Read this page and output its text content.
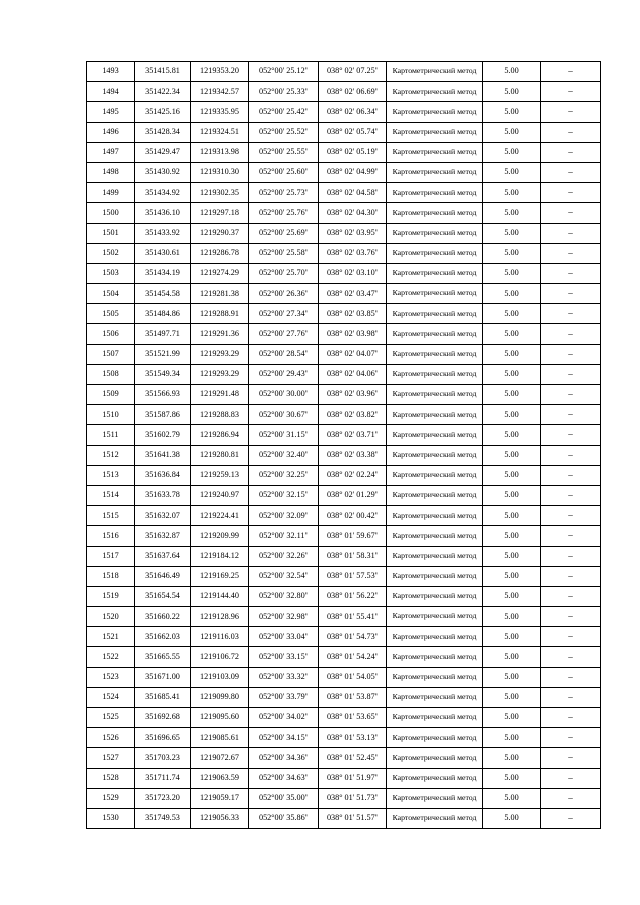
1493	351415.81	1219353.20	052°00' 25.12"	038° 02' 07.25"	Картометрический метод	5.00	–
1494	351422.34	1219342.57	052°00' 25.33"	038° 02' 06.69"	Картометрический метод	5.00	–
1495	351425.16	1219335.95	052°00' 25.42"	038° 02' 06.34"	Картометрический метод	5.00	–
1496	351428.34	1219324.51	052°00' 25.52"	038° 02' 05.74"	Картометрический метод	5.00	–
1497	351429.47	1219313.98	052°00' 25.55"	038° 02' 05.19"	Картометрический метод	5.00	–
1498	351430.92	1219310.30	052°00' 25.60"	038° 02' 04.99"	Картометрический метод	5.00	–
1499	351434.92	1219302.35	052°00' 25.73"	038° 02' 04.58"	Картометрический метод	5.00	–
1500	351436.10	1219297.18	052°00' 25.76"	038° 02' 04.30"	Картометрический метод	5.00	–
1501	351433.92	1219290.37	052°00' 25.69"	038° 02' 03.95"	Картометрический метод	5.00	–
1502	351430.61	1219286.78	052°00' 25.58"	038° 02' 03.76"	Картометрический метод	5.00	–
1503	351434.19	1219274.29	052°00' 25.70"	038° 02' 03.10"	Картометрический метод	5.00	–
1504	351454.58	1219281.38	052°00' 26.36"	038° 02' 03.47"	Картометрический метод	5.00	–
1505	351484.86	1219288.91	052°00' 27.34"	038° 02' 03.85"	Картометрический метод	5.00	–
1506	351497.71	1219291.36	052°00' 27.76"	038° 02' 03.98"	Картометрический метод	5.00	–
1507	351521.99	1219293.29	052°00' 28.54"	038° 02' 04.07"	Картометрический метод	5.00	–
1508	351549.34	1219293.29	052°00' 29.43"	038° 02' 04.06"	Картометрический метод	5.00	–
1509	351566.93	1219291.48	052°00' 30.00"	038° 02' 03.96"	Картометрический метод	5.00	–
1510	351587.86	1219288.83	052°00' 30.67"	038° 02' 03.82"	Картометрический метод	5.00	–
1511	351602.79	1219286.94	052°00' 31.15"	038° 02' 03.71"	Картометрический метод	5.00	–
1512	351641.38	1219280.81	052°00' 32.40"	038° 02' 03.38"	Картометрический метод	5.00	–
1513	351636.84	1219259.13	052°00' 32.25"	038° 02' 02.24"	Картометрический метод	5.00	–
1514	351633.78	1219240.97	052°00' 32.15"	038° 02' 01.29"	Картометрический метод	5.00	–
1515	351632.07	1219224.41	052°00' 32.09"	038° 02' 00.42"	Картометрический метод	5.00	–
1516	351632.87	1219209.99	052°00' 32.11"	038° 01' 59.67"	Картометрический метод	5.00	–
1517	351637.64	1219184.12	052°00' 32.26"	038° 01' 58.31"	Картометрический метод	5.00	–
1518	351646.49	1219169.25	052°00' 32.54"	038° 01' 57.53"	Картометрический метод	5.00	–
1519	351654.54	1219144.40	052°00' 32.80"	038° 01' 56.22"	Картометрический метод	5.00	–
1520	351660.22	1219128.96	052°00' 32.98"	038° 01' 55.41"	Картометрический метод	5.00	–
1521	351662.03	1219116.03	052°00' 33.04"	038° 01' 54.73"	Картометрический метод	5.00	–
1522	351665.55	1219106.72	052°00' 33.15"	038° 01' 54.24"	Картометрический метод	5.00	–
1523	351671.00	1219103.09	052°00' 33.32"	038° 01' 54.05"	Картометрический метод	5.00	–
1524	351685.41	1219099.80	052°00' 33.79"	038° 01' 53.87"	Картометрический метод	5.00	–
1525	351692.68	1219095.60	052°00' 34.02"	038° 01' 53.65"	Картометрический метод	5.00	–
1526	351696.65	1219085.61	052°00' 34.15"	038° 01' 53.13"	Картометрический метод	5.00	–
1527	351703.23	1219072.67	052°00' 34.36"	038° 01' 52.45"	Картометрический метод	5.00	–
1528	351711.74	1219063.59	052°00' 34.63"	038° 01' 51.97"	Картометрический метод	5.00	–
1529	351723.20	1219059.17	052°00' 35.00"	038° 01' 51.73"	Картометрический метод	5.00	–
1530	351749.53	1219056.33	052°00' 35.86"	038° 01' 51.57"	Картометрический метод	5.00	–
